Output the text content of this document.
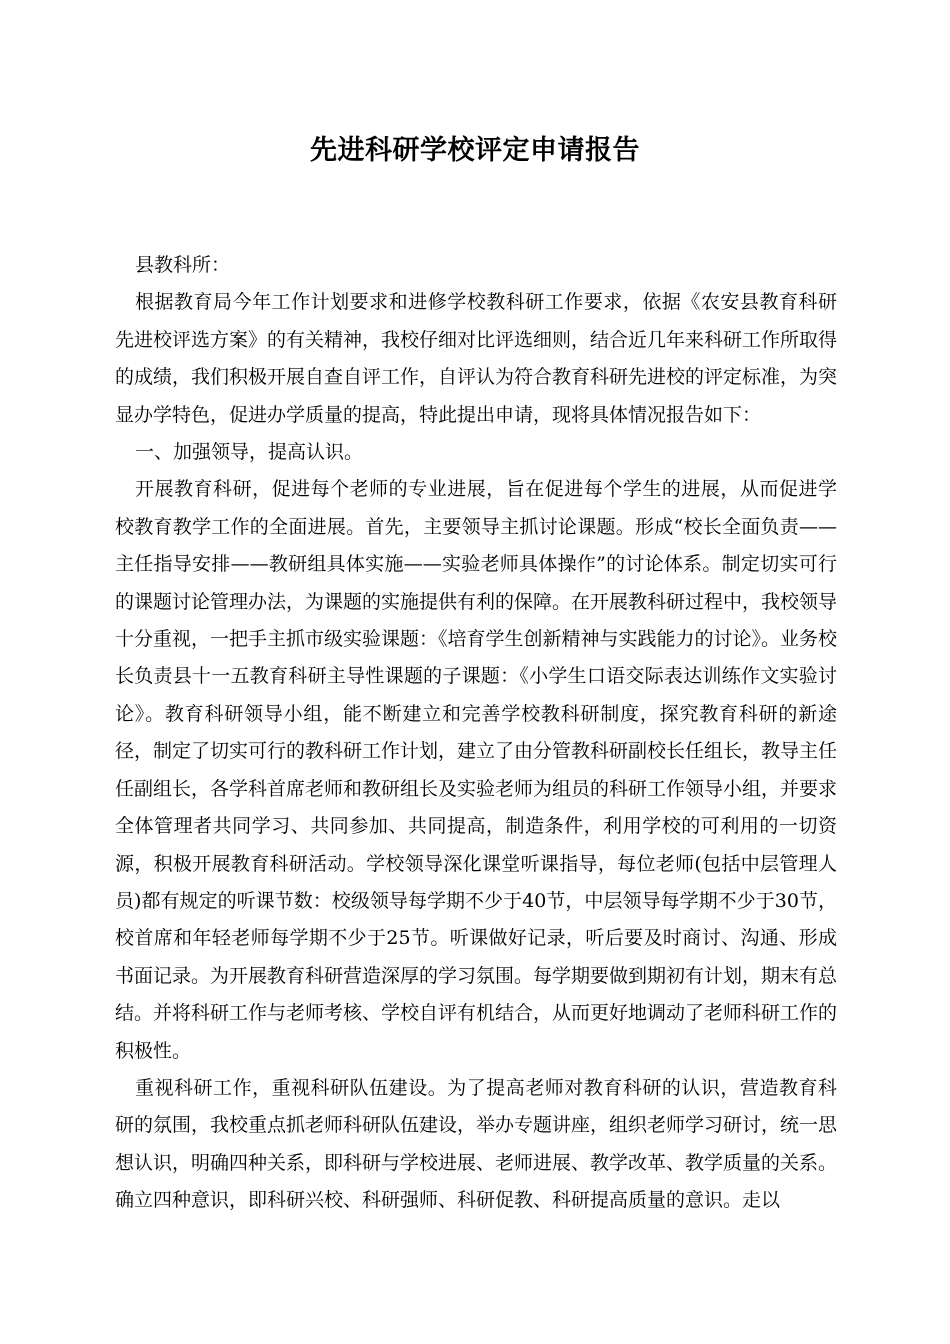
先进科研学校评定申请报告

县教科所：

根据教育局今年工作计划要求和进修学校教科研工作要求，依据《农安县教育科研先进校评选方案》的有关精神，我校仔细对比评选细则，结合近几年来科研工作所取得的成绩，我们积极开展自查自评工作，自评认为符合教育科研先进校的评定标准，为突显办学特色，促进办学质量的提高，特此提出申请，现将具体情况报告如下：

一、加强领导，提高认识。

开展教育科研，促进每个老师的专业进展，旨在促进每个学生的进展，从而促进学校教育教学工作的全面进展。首先，主要领导主抓讨论课题。形成“校长全面负责——主任指导安排——教研组具体实施——实验老师具体操作”的讨论体系。制定切实可行的课题讨论管理办法，为课题的实施提供有利的保障。在开展教科研过程中，我校领导十分重视，一把手主抓市级实验课题：《培育学生创新精神与实践能力的讨论》。业务校长负责县十一五教育科研主导性课题的子课题：《小学生口语交际表达训练作文实验讨论》。教育科研领导小组，能不断建立和完善学校教科研制度，探究教育科研的新途径，制定了切实可行的教科研工作计划，建立了由分管教科研副校长任组长，教导主任任副组长，各学科首席老师和教研组长及实验老师为组员的科研工作领导小组，并要求全体管理者共同学习、共同参加、共同提高，制造条件，利用学校的可利用的一切资源，积极开展教育科研活动。学校领导深化课堂听课指导，每位老师(包括中层管理人员)都有规定的听课节数：校级领导每学期不少于40节，中层领导每学期不少于30节，校首席和年轻老师每学期不少于25节。听课做好记录，听后要及时商讨、沟通、形成书面记录。为开展教育科研营造深厚的学习氛围。每学期要做到期初有计划，期末有总结。并将科研工作与老师考核、学校自评有机结合，从而更好地调动了老师科研工作的积极性。

重视科研工作，重视科研队伍建设。为了提高老师对教育科研的认识，营造教育科研的氛围，我校重点抓老师科研队伍建设，举办专题讲座，组织老师学习研讨，统一思想认识，明确四种关系，即科研与学校进展、老师进展、教学改革、教学质量的关系。确立四种意识，即科研兴校、科研强师、科研促教、科研提高质量的意识。走以
